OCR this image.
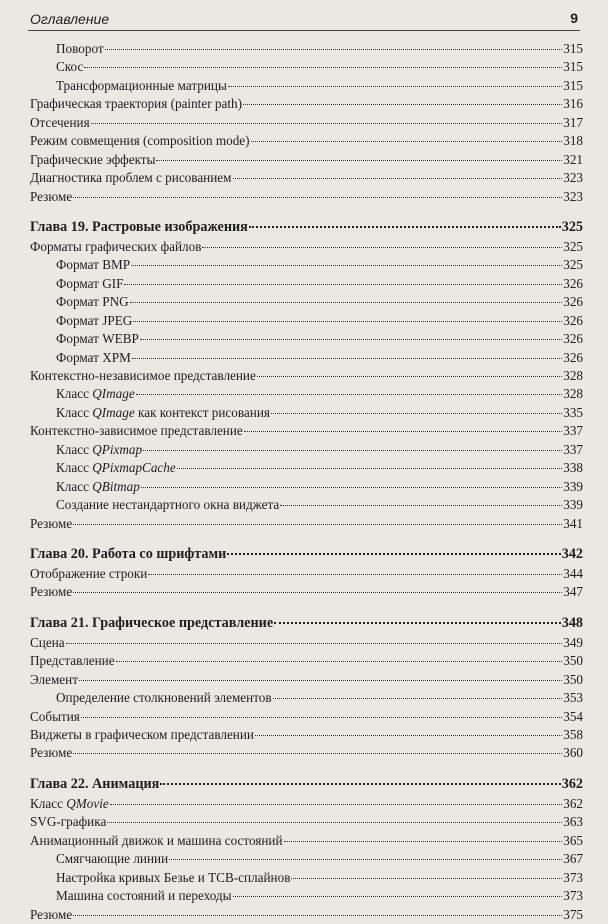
Оглавление	9
Поворот	315
Скос	315
Трансформационные матрицы	315
Графическая траектория (painter path)	316
Отсечения	317
Режим совмещения (composition mode)	318
Графические эффекты	321
Диагностика проблем с рисованием	323
Резюме	323
Глава 19. Растровые изображения	325
Форматы графических файлов	325
Формат BMP	325
Формат GIF	326
Формат PNG	326
Формат JPEG	326
Формат WEBP	326
Формат XPM	326
Контекстно-независимое представление	328
Класс QImage	328
Класс QImage как контекст рисования	335
Контекстно-зависимое представление	337
Класс QPixmap	337
Класс QPixmapCache	338
Класс QBitmap	339
Создание нестандартного окна виджета	339
Резюме	341
Глава 20. Работа со шрифтами	342
Отображение строки	344
Резюме	347
Глава 21. Графическое представление	348
Сцена	349
Представление	350
Элемент	350
Определение столкновений элементов	353
События	354
Виджеты в графическом представлении	358
Резюме	360
Глава 22. Анимация	362
Класс QMovie	362
SVG-графика	363
Анимационный движок и машина состояний	365
Смягчающие линии	367
Настройка кривых Безье и TCB-сплайнов	373
Машина состояний и переходы	373
Резюме	375
